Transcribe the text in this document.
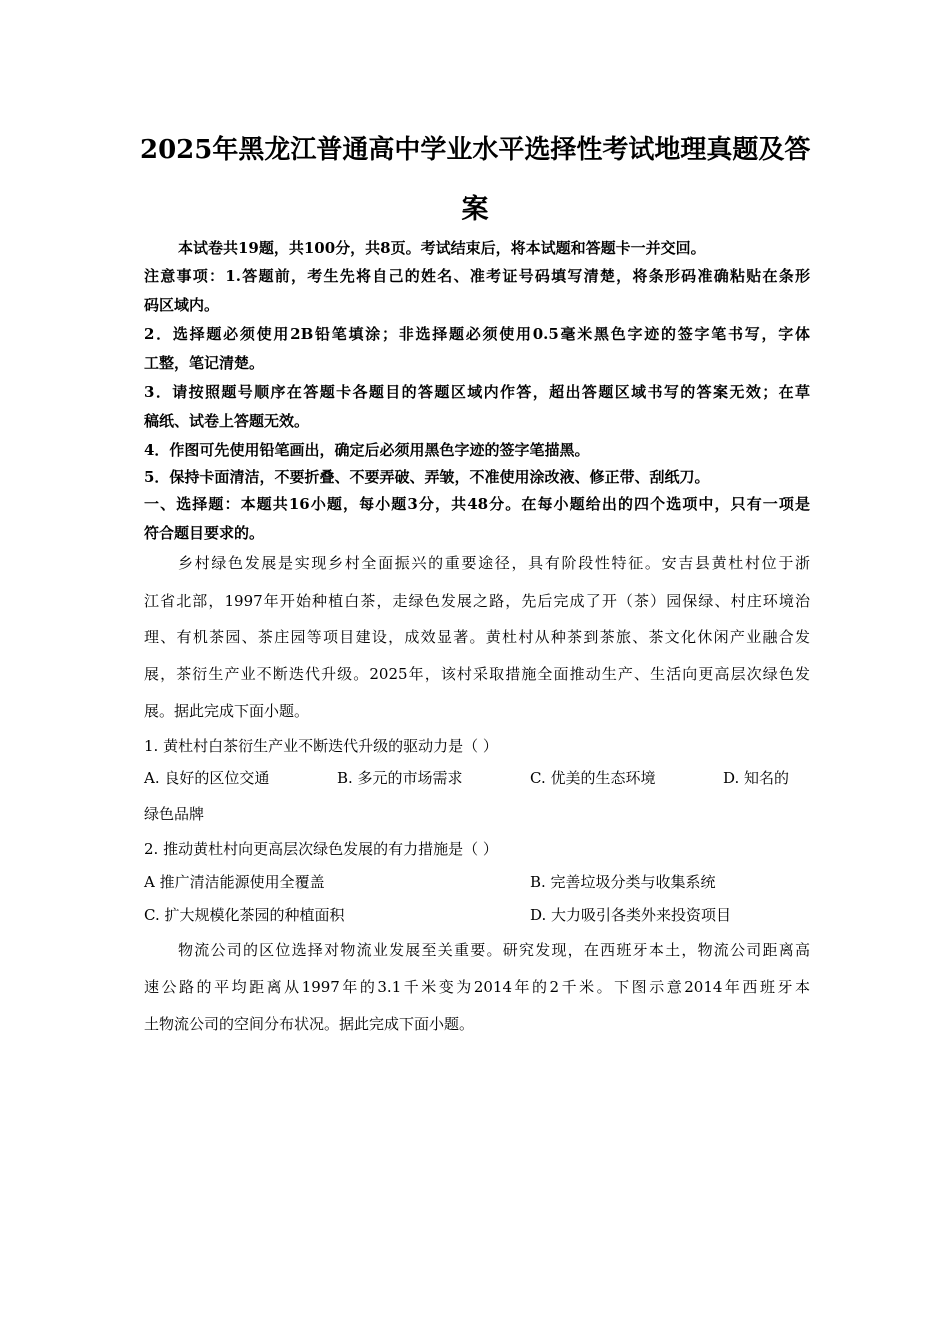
2025年黑龙江普通高中学业水平选择性考试地理真题及答
案
本试卷共19题，共100分，共8页。考试结束后，将本试题和答题卡一并交回。
注意事项：1.答题前，考生先将自己的姓名、准考证号码填写清楚，将条形码准确粘贴在条形
码区域内。
2．选择题必须使用2B铅笔填涂；非选择题必须使用0.5毫米黑色字迹的签字笔书写，字体
工整，笔记清楚。
3．请按照题号顺序在答题卡各题目的答题区域内作答，超出答题区域书写的答案无效；在草
稿纸、试卷上答题无效。
4．作图可先使用铅笔画出，确定后必须用黑色字迹的签字笔描黑。
5．保持卡面清洁，不要折叠、不要弄破、弄皱，不准使用涂改液、修正带、刮纸刀。
一、选择题：本题共16小题，每小题3分，共48分。在每小题给出的四个选项中，只有一项是
符合题目要求的。
乡村绿色发展是实现乡村全面振兴的重要途径，具有阶段性特征。安吉县黄杜村位于浙
江省北部，1997年开始种植白茶，走绿色发展之路，先后完成了开（茶）园保绿、村庄环境治
理、有机茶园、茶庄园等项目建设，成效显著。黄杜村从种茶到茶旅、茶文化休闲产业融合发
展，茶衍生产业不断迭代升级。2025年，该村采取措施全面推动生产、生活向更高层次绿色发
展。据此完成下面小题。
1. 黄杜村白茶衍生产业不断迭代升级的驱动力是（ ）
A. 良好的区位交通	B. 多元的市场需求	C. 优美的生态环境	D. 知名的
绿色品牌
2. 推动黄杜村向更高层次绿色发展的有力措施是（ ）
A 推广清洁能源使用全覆盖	B. 完善垃圾分类与收集系统
C. 扩大规模化茶园的种植面积	D. 大力吸引各类外来投资项目
物流公司的区位选择对物流业发展至关重要。研究发现，在西班牙本土，物流公司距离高
速公路的平均距离从1997年的3.1千米变为2014年的2千米。下图示意2014年西班牙本
土物流公司的空间分布状况。据此完成下面小题。
